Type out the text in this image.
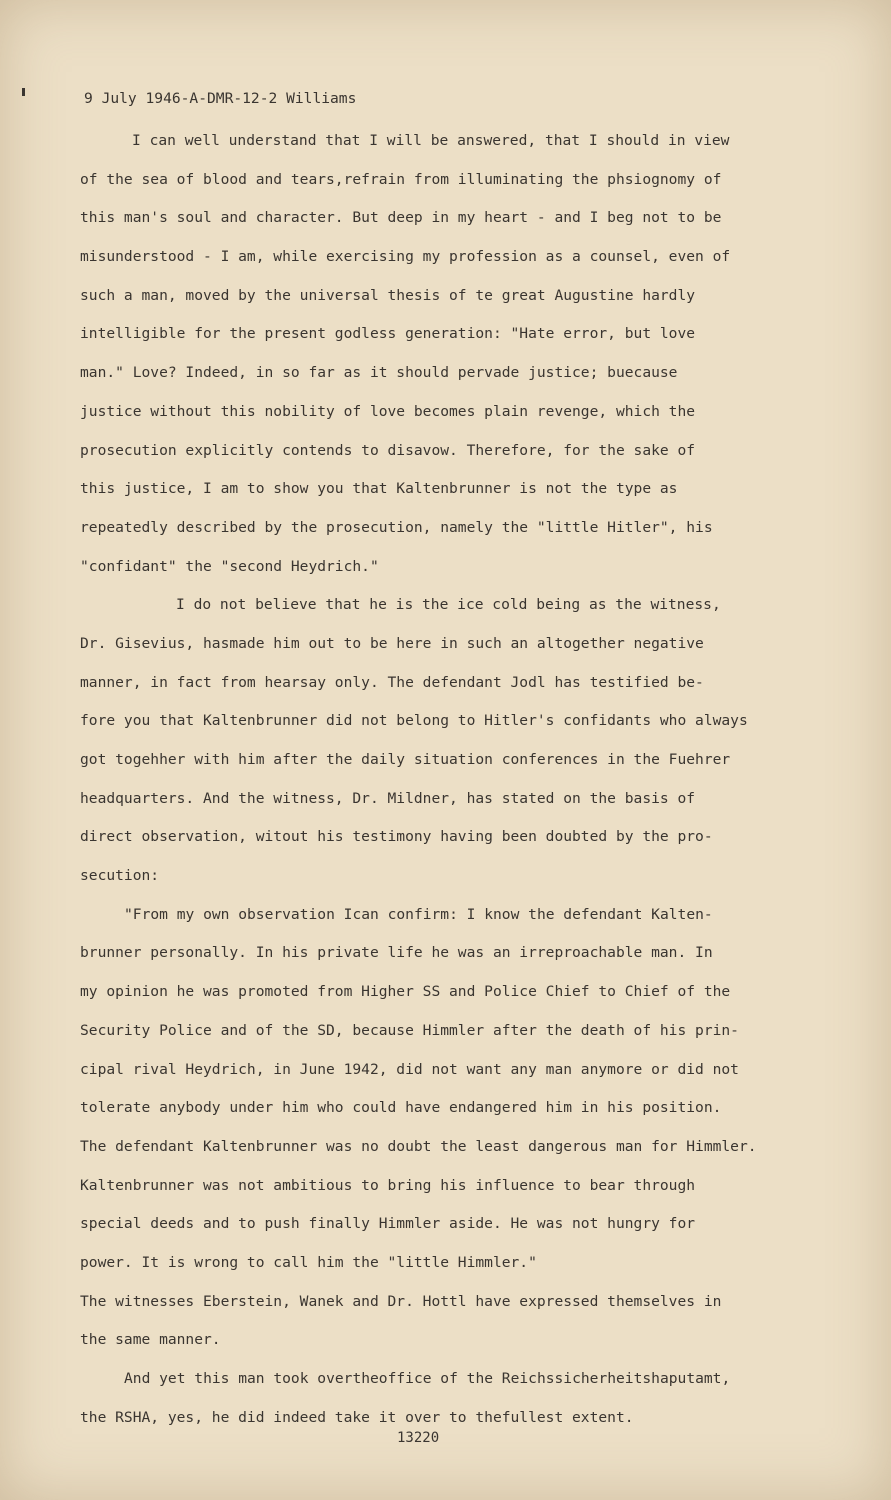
9 July 1946-A-DMR-12-2 Williams
I can well understand that I will be answered, that I should in view
of the sea of blood and tears,refrain from illuminating the phsiognomy of
this man's soul and character. But deep in my heart - and I beg not to be
misunderstood - I am, while exercising my profession as a counsel, even of
such a man, moved by the universal thesis of te great Augustine hardly
intelligible for the present godless generation: "Hate error, but love
man." Love? Indeed, in so far as it should pervade justice; buecause
justice without this nobility of love becomes plain revenge, which the
prosecution explicitly contends to disavow. Therefore, for the sake of
this justice, I am to show you that Kaltenbrunner is not the type as
repeatedly described by the prosecution, namely the "little Hitler", his
"confidant" the "second Heydrich."
I do not believe that he is the ice cold being as the witness,
Dr. Gisevius, hasmade him out to be here in such an altogether negative
manner, in fact from hearsay only. The defendant Jodl has testified be-
fore you that Kaltenbrunner did not belong to Hitler's confidants who always
got togehher with him after the daily situation conferences in the Fuehrer
headquarters. And the witness, Dr. Mildner, has stated on the basis of
direct observation, witout his testimony having been doubted by the pro-
secution:
"From my own observation Ican confirm: I know the defendant Kalten-
brunner personally. In his private life he was an irreproachable man. In
my opinion he was promoted from Higher SS and Police Chief to Chief of the
Security Police and of the SD, because Himmler after the death of his prin-
cipal rival Heydrich, in June 1942, did not want any man anymore or did not
tolerate anybody under him who could have endangered him in his position.
The defendant Kaltenbrunner was no doubt the least dangerous man for Himmler.
Kaltenbrunner was not ambitious to bring his influence to bear through
special deeds and to push finally Himmler aside. He was not hungry for
power. It is wrong to call him the "little Himmler."
The witnesses Eberstein, Wanek and Dr. Hottl have expressed themselves in
the same manner.
And yet this man took overtheoffice of the Reichssicherheitshaputamt,
the RSHA, yes, he did indeed take it over to thefullest extent.
13220
